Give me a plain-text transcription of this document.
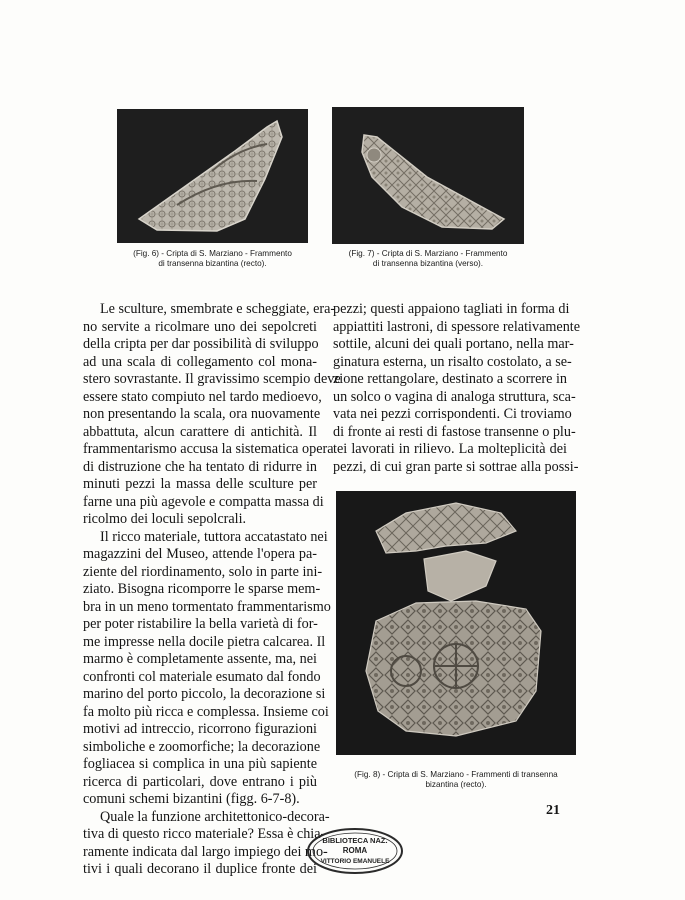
(Fig. 6) - Cripta di S. Marziano - Frammento
di transenna bizantina (recto).
(Fig. 7) - Cripta di S. Marziano - Frammento
di transenna bizantina (verso).
Le sculture, smembrate e scheggiate, era-
no servite a ricolmare uno dei sepolcreti
della cripta per dar possibilità di sviluppo
ad una scala di collegamento col mona-
stero sovrastante. Il gravissimo scempio deve
essere stato compiuto nel tardo medioevo,
non presentando la scala, ora nuovamente
abbattuta, alcun carattere di antichità. Il
frammentarismo accusa la sistematica opera
di distruzione che ha tentato di ridurre in
minuti pezzi la massa delle sculture per
farne una più agevole e compatta massa di
ricolmo dei loculi sepolcrali.
Il ricco materiale, tuttora accatastato nei
magazzini del Museo, attende l'opera pa-
ziente del riordinamento, solo in parte ini-
ziato. Bisogna ricomporre le sparse mem-
bra in un meno tormentato frammentarismo
per poter ristabilire la bella varietà di for-
me impresse nella docile pietra calcarea. Il
marmo è completamente assente, ma, nei
confronti col materiale esumato dal fondo
marino del porto piccolo, la decorazione si
fa molto più ricca e complessa. Insieme coi
motivi ad intreccio, ricorrono figurazioni
simboliche e zoomorfiche; la decorazione
fogliacea si complica in una più sapiente
ricerca di particolari, dove entrano i più
comuni schemi bizantini (figg. 6-7-8).
Quale la funzione architettonico-decora-
tiva di questo ricco materiale? Essa è chia-
ramente indicata dal largo impiego dei mo-
tivi i quali decorano il duplice fronte dei
pezzi; questi appaiono tagliati in forma di
appiattiti lastroni, di spessore relativamente
sottile, alcuni dei quali portano, nella mar-
ginatura esterna, un risalto costolato, a se-
zione rettangolare, destinato a scorrere in
un solco o vagina di analoga struttura, sca-
vata nei pezzi corrispondenti. Ci troviamo
di fronte ai resti di fastose transenne o plu-
tei lavorati in rilievo. La molteplicità dei
pezzi, di cui gran parte si sottrae alla possi-
(Fig. 8) - Cripta di S. Marziano - Frammenti di transenna
bizantina (recto).
21
BIBLIOTECA NAZ.
ROMA
VITTORIO EMANUELE
